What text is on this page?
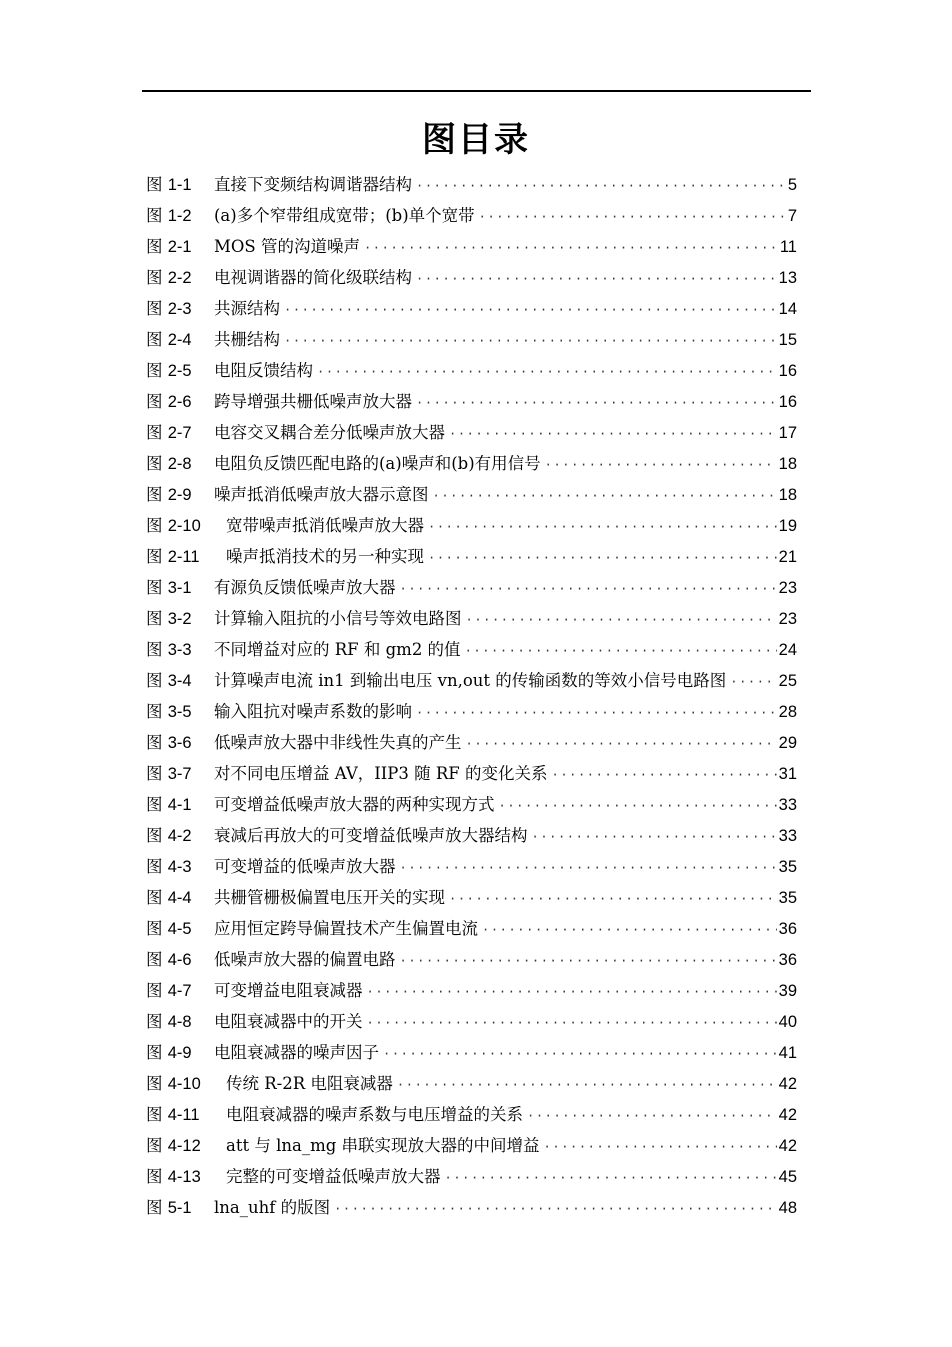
图目录
图 1-1	直接下变频结构调谐器结构 ·····	5
图 1-2	(a)多个窄带组成宽带；(b)单个宽带 ·····	7
图 2-1	MOS 管的沟道噪声 ·····	11
图 2-2	电视调谐器的简化级联结构 ·····	13
图 2-3	共源结构 ·····	14
图 2-4	共栅结构 ·····	15
图 2-5	电阻反馈结构 ·····	16
图 2-6	跨导增强共栅低噪声放大器 ·····	16
图 2-7	电容交叉耦合差分低噪声放大器 ·····	17
图 2-8	电阻负反馈匹配电路的(a)噪声和(b)有用信号 ·····	18
图 2-9	噪声抵消低噪声放大器示意图 ·····	18
图 2-10	宽带噪声抵消低噪声放大器 ·····	19
图 2-11	噪声抵消技术的另一种实现 ·····	21
图 3-1	有源负反馈低噪声放大器 ·····	23
图 3-2	计算输入阻抗的小信号等效电路图 ·····	23
图 3-3	不同增益对应的 RF 和 gm2 的值 ·····	24
图 3-4	计算噪声电流 in1 到输出电压 vn,out 的传输函数的等效小信号电路图 ·····	25
图 3-5	输入阻抗对噪声系数的影响 ·····	28
图 3-6	低噪声放大器中非线性失真的产生 ·····	29
图 3-7	对不同电压增益 AV，IIP3 随 RF 的变化关系 ·····	31
图 4-1	可变增益低噪声放大器的两种实现方式 ·····	33
图 4-2	衰减后再放大的可变增益低噪声放大器结构 ·····	33
图 4-3	可变增益的低噪声放大器 ·····	35
图 4-4	共栅管栅极偏置电压开关的实现 ·····	35
图 4-5	应用恒定跨导偏置技术产生偏置电流 ·····	36
图 4-6	低噪声放大器的偏置电路 ·····	36
图 4-7	可变增益电阻衰减器 ·····	39
图 4-8	电阻衰减器中的开关 ·····	40
图 4-9	电阻衰减器的噪声因子 ·····	41
图 4-10	传统 R-2R 电阻衰减器 ·····	42
图 4-11	电阻衰减器的噪声系数与电压增益的关系 ·····	42
图 4-12	att 与 lna_mg 串联实现放大器的中间增益 ·····	42
图 4-13	完整的可变增益低噪声放大器 ·····	45
图 5-1	lna_uhf 的版图 ·····	48
